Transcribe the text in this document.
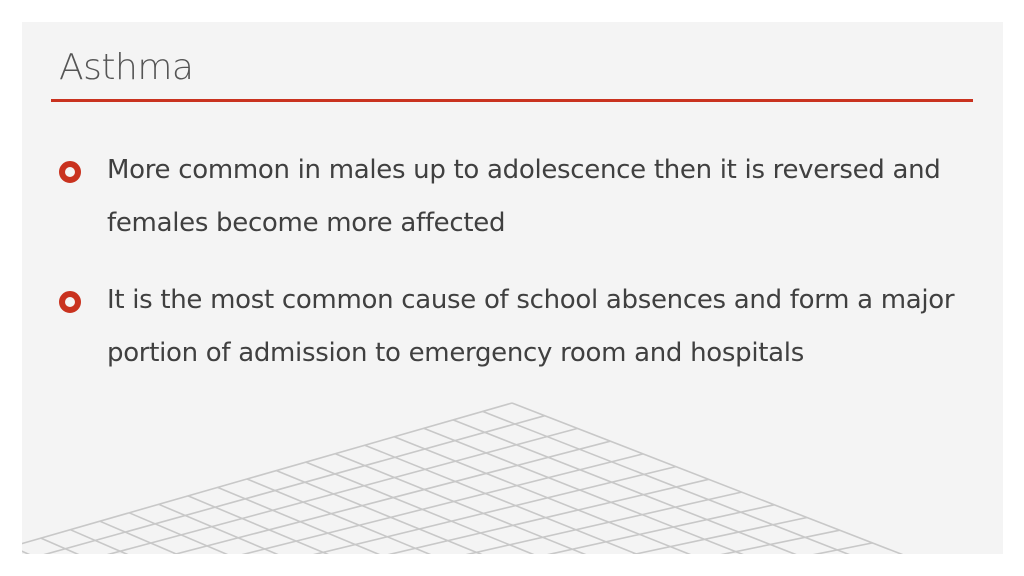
Asthma
More common in males up to adolescence then it is reversed and females become more affected
It is the most common cause of school absences and form a major portion of admission to emergency room and hospitals
